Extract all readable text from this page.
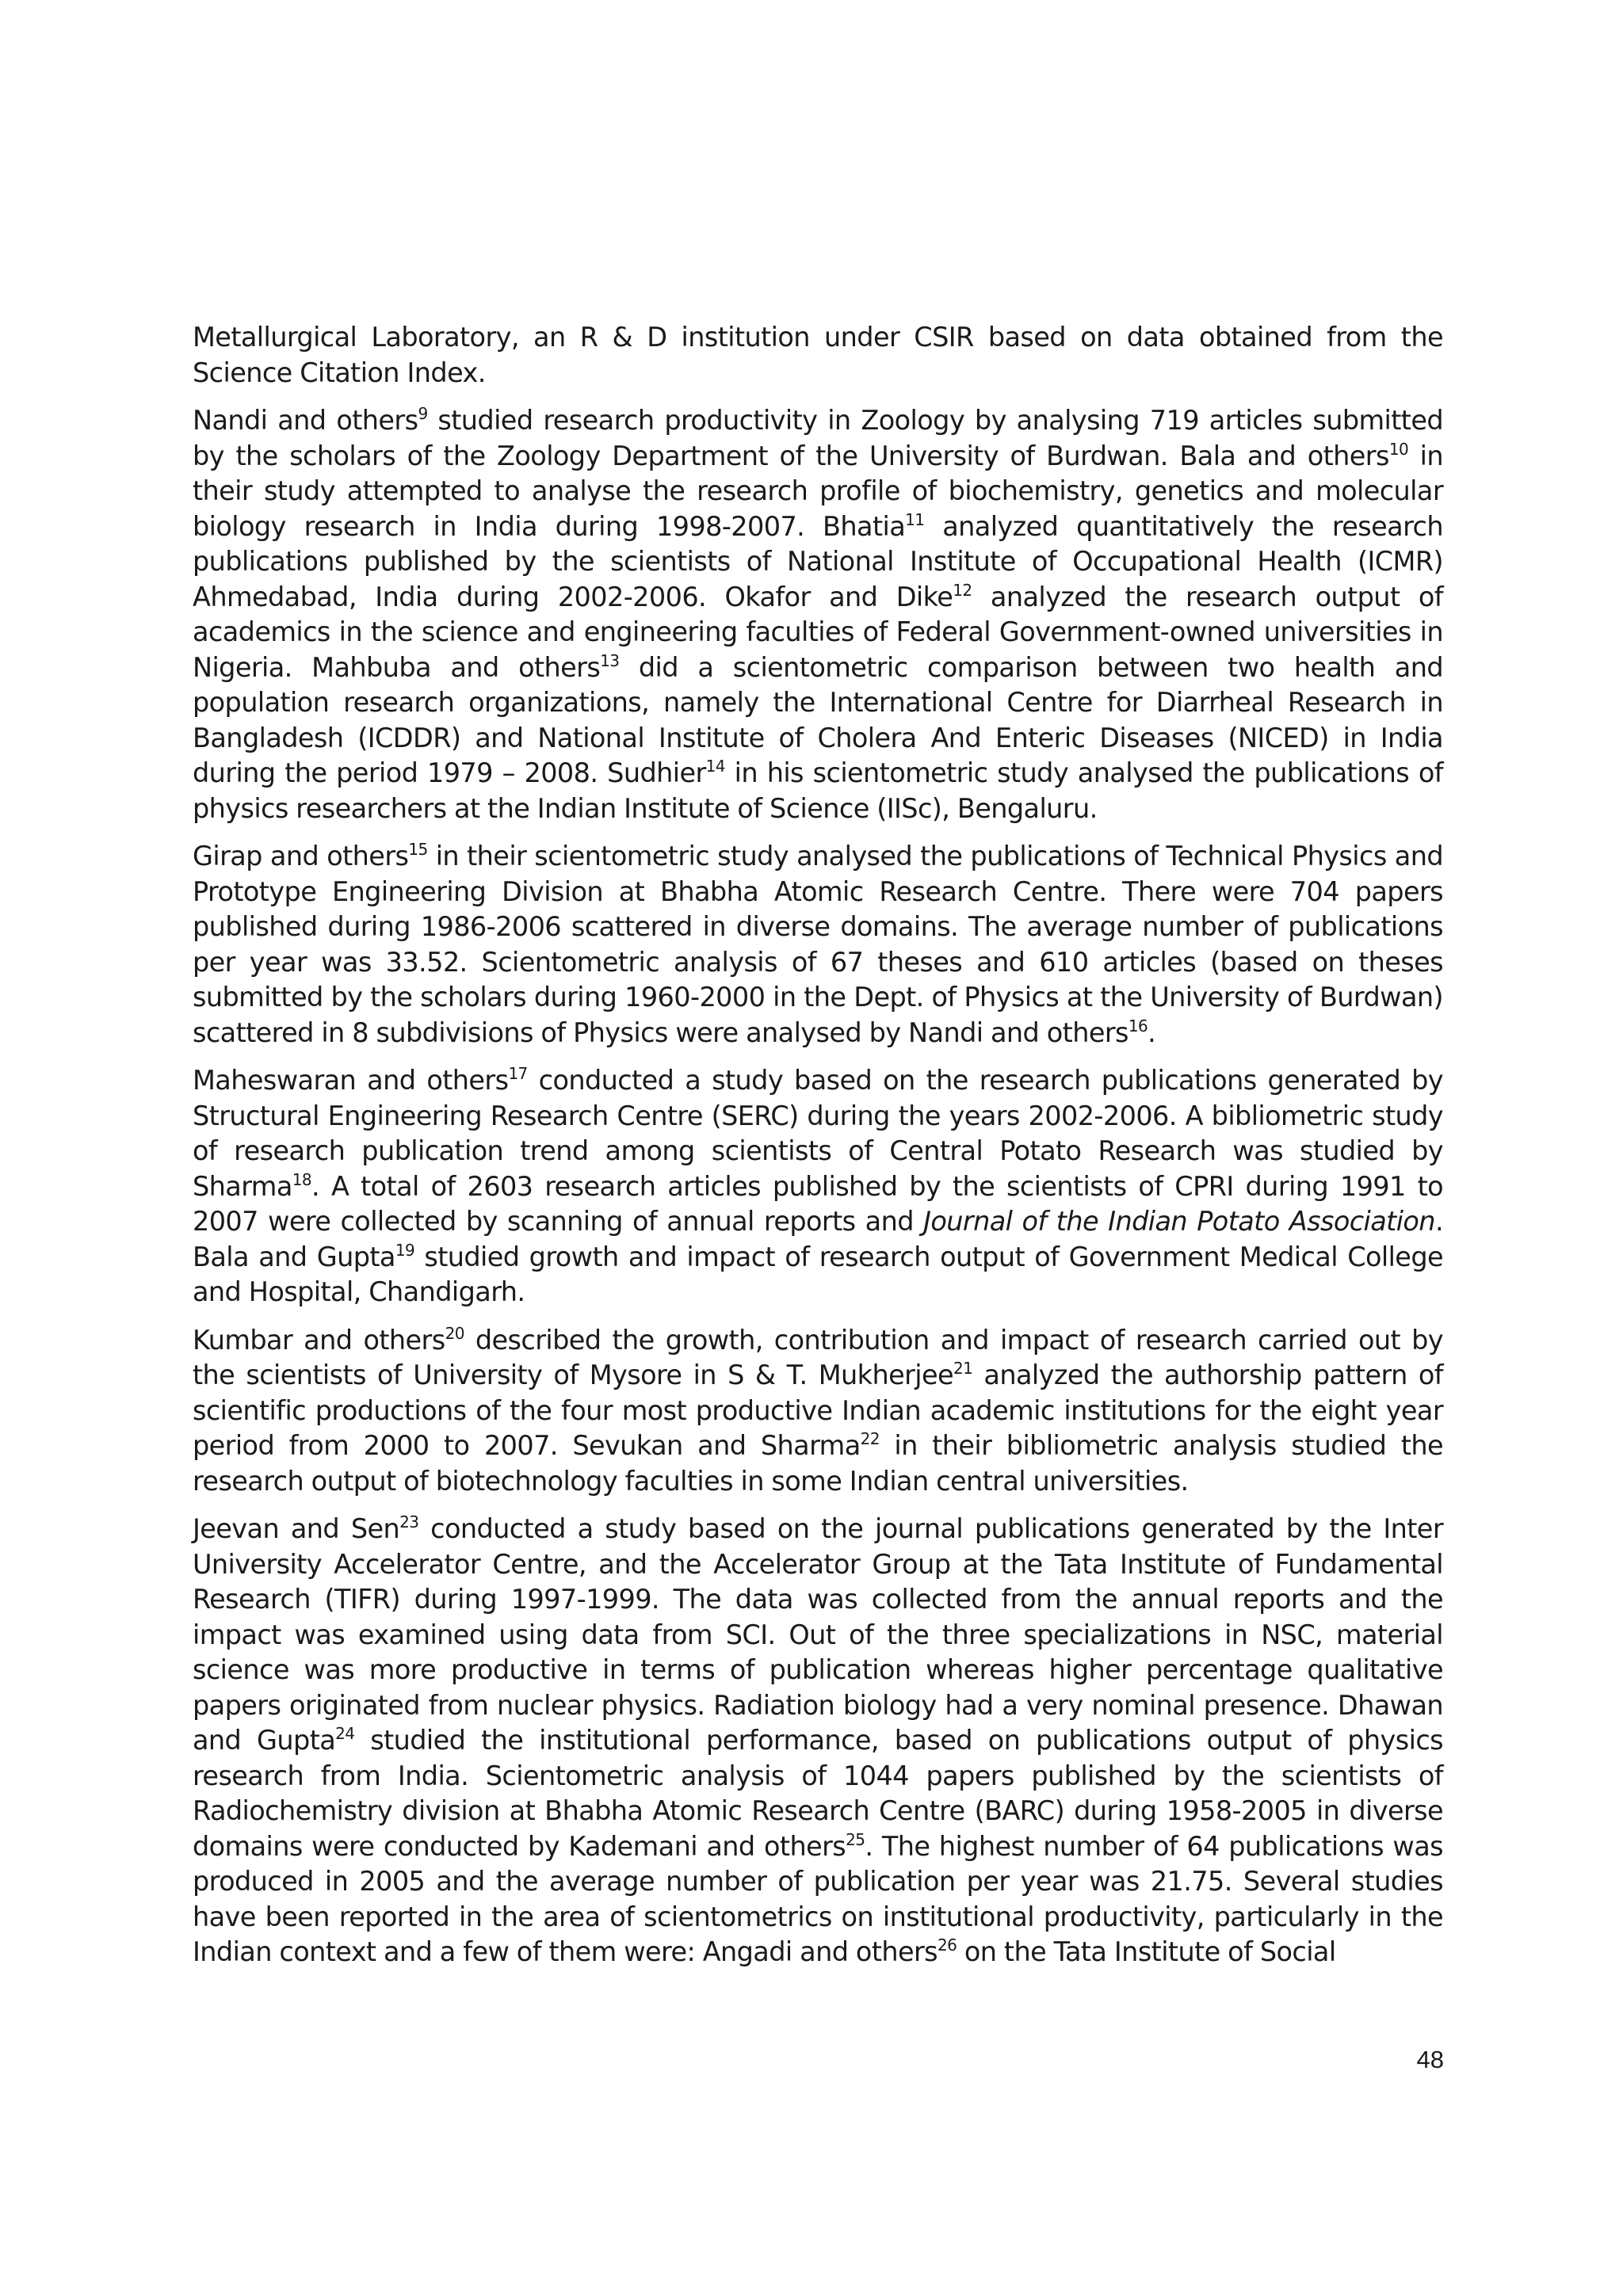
Metallurgical Laboratory, an R & D institution under CSIR based on data obtained from the Science Citation Index.

Nandi and others$^9$ studied research productivity in Zoology by analysing 719 articles submitted by the scholars of the Zoology Department of the University of Burdwan. Bala and others$^{10}$ in their study attempted to analyse the research profile of biochemistry, genetics and molecular biology research in India during 1998-2007. Bhatia$^{11}$ analyzed quantitatively the research publications published by the scientists of National Institute of Occupational Health (ICMR) Ahmedabad, India during 2002-2006. Okafor and Dike$^{12}$ analyzed the research output of academics in the science and engineering faculties of Federal Government-owned universities in Nigeria. Mahbuba and others$^{13}$ did a scientometric comparison between two health and population research organizations, namely the International Centre for Diarrheal Research in Bangladesh (ICDDR) and National Institute of Cholera And Enteric Diseases (NICED) in India during the period 1979 – 2008. Sudhier$^{14}$ in his scientometric study analysed the publications of physics researchers at the Indian Institute of Science (IISc), Bengaluru.

Girap and others$^{15}$ in their scientometric study analysed the publications of Technical Physics and Prototype Engineering Division at Bhabha Atomic Research Centre. There were 704 papers published during 1986-2006 scattered in diverse domains. The average number of publications per year was 33.52. Scientometric analysis of 67 theses and 610 articles (based on theses submitted by the scholars during 1960-2000 in the Dept. of Physics at the University of Burdwan) scattered in 8 subdivisions of Physics were analysed by Nandi and others$^{16}$.

Maheswaran and others$^{17}$ conducted a study based on the research publications generated by Structural Engineering Research Centre (SERC) during the years 2002-2006. A bibliometric study of research publication trend among scientists of Central Potato Research was studied by Sharma$^{18}$. A total of 2603 research articles published by the scientists of CPRI during 1991 to 2007 were collected by scanning of annual reports and Journal of the Indian Potato Association. Bala and Gupta$^{19}$ studied growth and impact of research output of Government Medical College and Hospital, Chandigarh.

Kumbar and others$^{20}$ described the growth, contribution and impact of research carried out by the scientists of University of Mysore in S & T. Mukherjee$^{21}$ analyzed the authorship pattern of scientific productions of the four most productive Indian academic institutions for the eight year period from 2000 to 2007. Sevukan and Sharma$^{22}$ in their bibliometric analysis studied the research output of biotechnology faculties in some Indian central universities.

Jeevan and Sen$^{23}$ conducted a study based on the journal publications generated by the Inter University Accelerator Centre, and the Accelerator Group at the Tata Institute of Fundamental Research (TIFR) during 1997-1999. The data was collected from the annual reports and the impact was examined using data from SCI. Out of the three specializations in NSC, material science was more productive in terms of publication whereas higher percentage qualitative papers originated from nuclear physics. Radiation biology had a very nominal presence. Dhawan and Gupta$^{24}$ studied the institutional performance, based on publications output of physics research from India. Scientometric analysis of 1044 papers published by the scientists of Radiochemistry division at Bhabha Atomic Research Centre (BARC) during 1958-2005 in diverse domains were conducted by Kademani and others$^{25}$. The highest number of 64 publications was produced in 2005 and the average number of publication per year was 21.75. Several studies have been reported in the area of scientometrics on institutional productivity, particularly in the Indian context and a few of them were: Angadi and others$^{26}$ on the Tata Institute of Social

48
